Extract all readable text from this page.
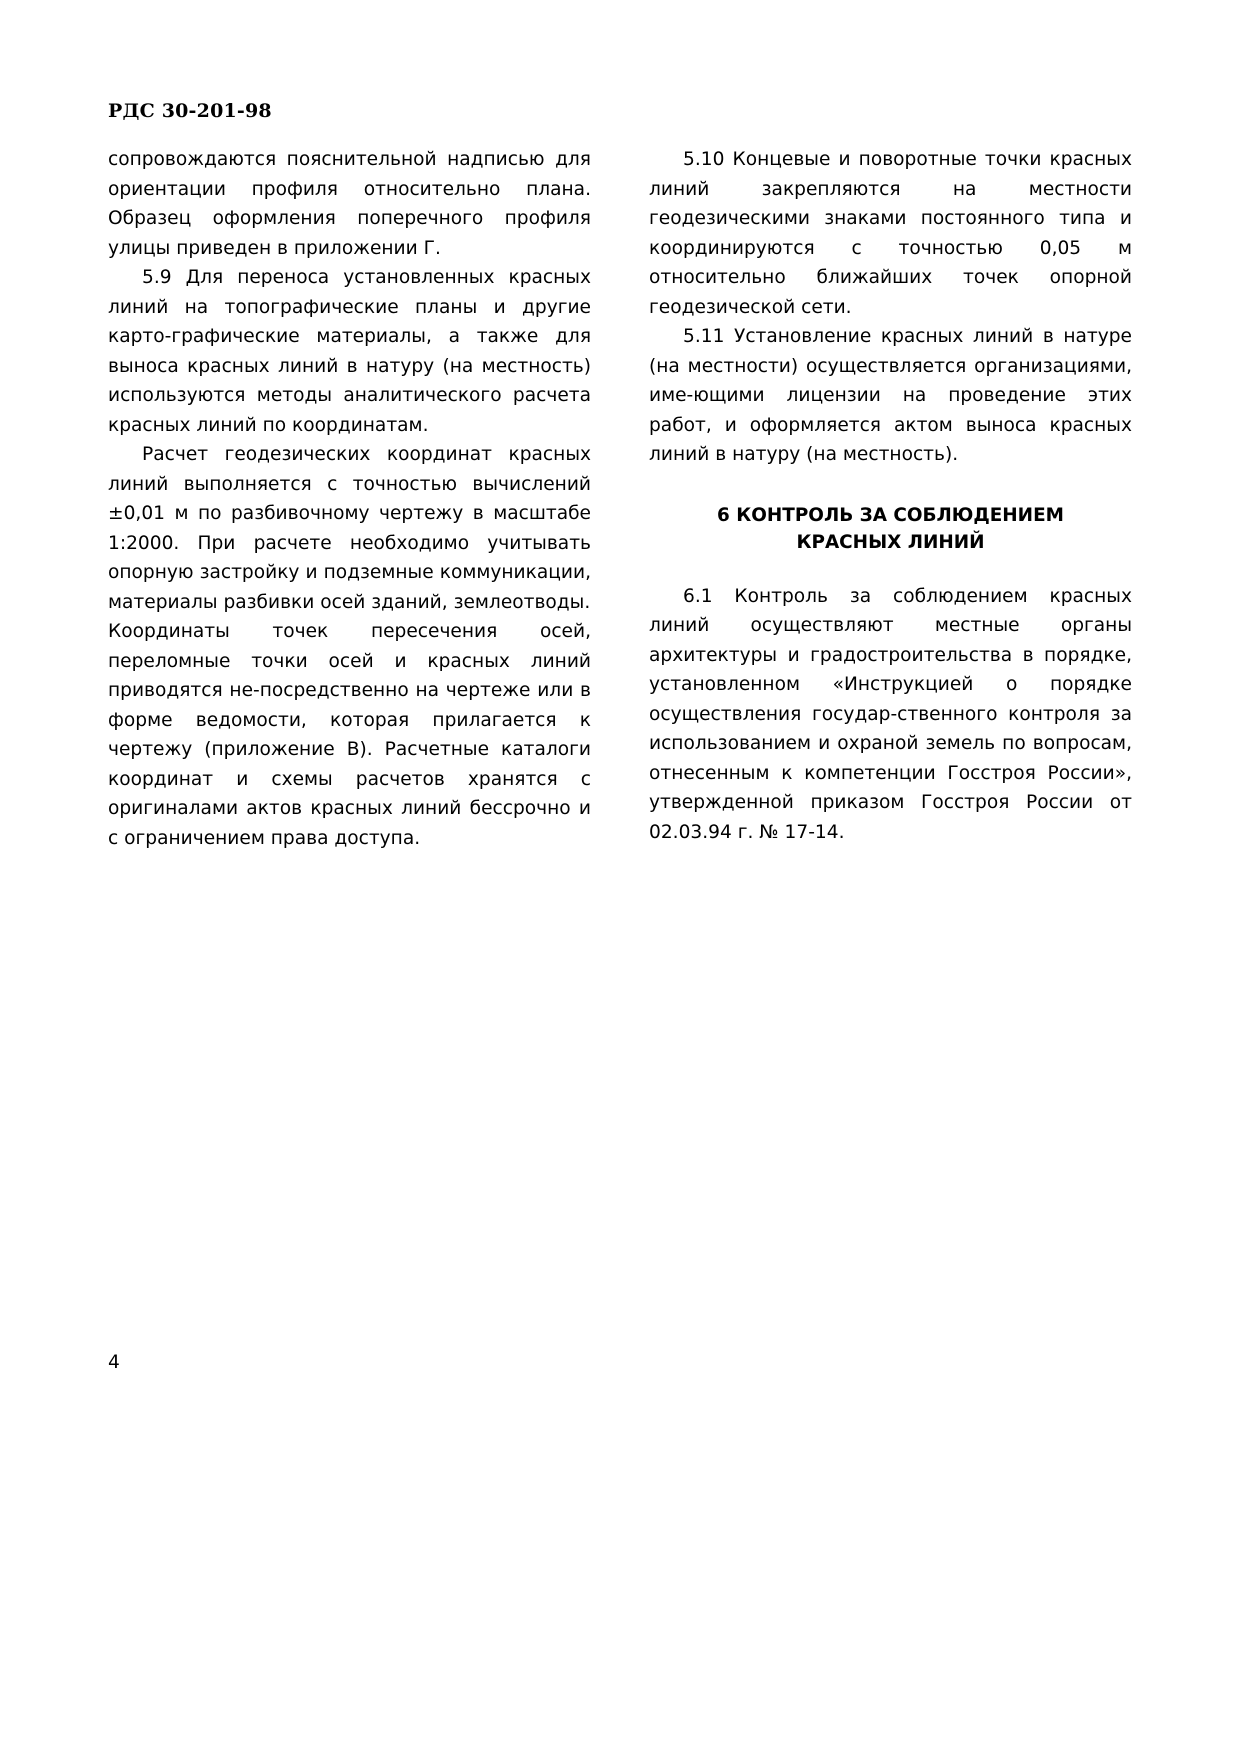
РДС 30-201-98

сопровождаются пояснительной надписью для ориентации профиля относительно плана. Образец оформления поперечного профиля улицы приведен в приложении Г.

5.9 Для переноса установленных красных линий на топографические планы и другие карто-графические материалы, а также для выноса красных линий в натуру (на местность) используются методы аналитического расчета красных линий по координатам.

Расчет геодезических координат красных линий выполняется с точностью вычислений ±0,01 м по разбивочному чертежу в масштабе 1:2000. При расчете необходимо учитывать опорную застройку и подземные коммуникации, материалы разбивки осей зданий, землеотводы.

Координаты точек пересечения осей, переломные точки осей и красных линий приводятся не-посредственно на чертеже или в форме ведомости, которая прилагается к чертежу (приложение В). Расчетные каталоги координат и схемы расчетов хранятся с оригиналами актов красных линий бессрочно и с ограничением права доступа.

5.10 Концевые и поворотные точки красных линий закрепляются на местности геодезическими знаками постоянного типа и координируются с точностью 0,05 м относительно ближайших точек опорной геодезической сети.

5.11 Установление красных линий в натуре (на местности) осуществляется организациями, име-ющими лицензии на проведение этих работ, и оформляется актом выноса красных линий в натуру (на местность).

6 КОНТРОЛЬ ЗА СОБЛЮДЕНИЕМ
КРАСНЫХ ЛИНИЙ

6.1 Контроль за соблюдением красных линий осуществляют местные органы архитектуры и градостроительства в порядке, установленном «Инструкцией о порядке осуществления государ-ственного контроля за использованием и охраной земель по вопросам, отнесенным к компетенции Госстроя России», утвержденной приказом Госстроя России от 02.03.94 г. № 17-14.

4
